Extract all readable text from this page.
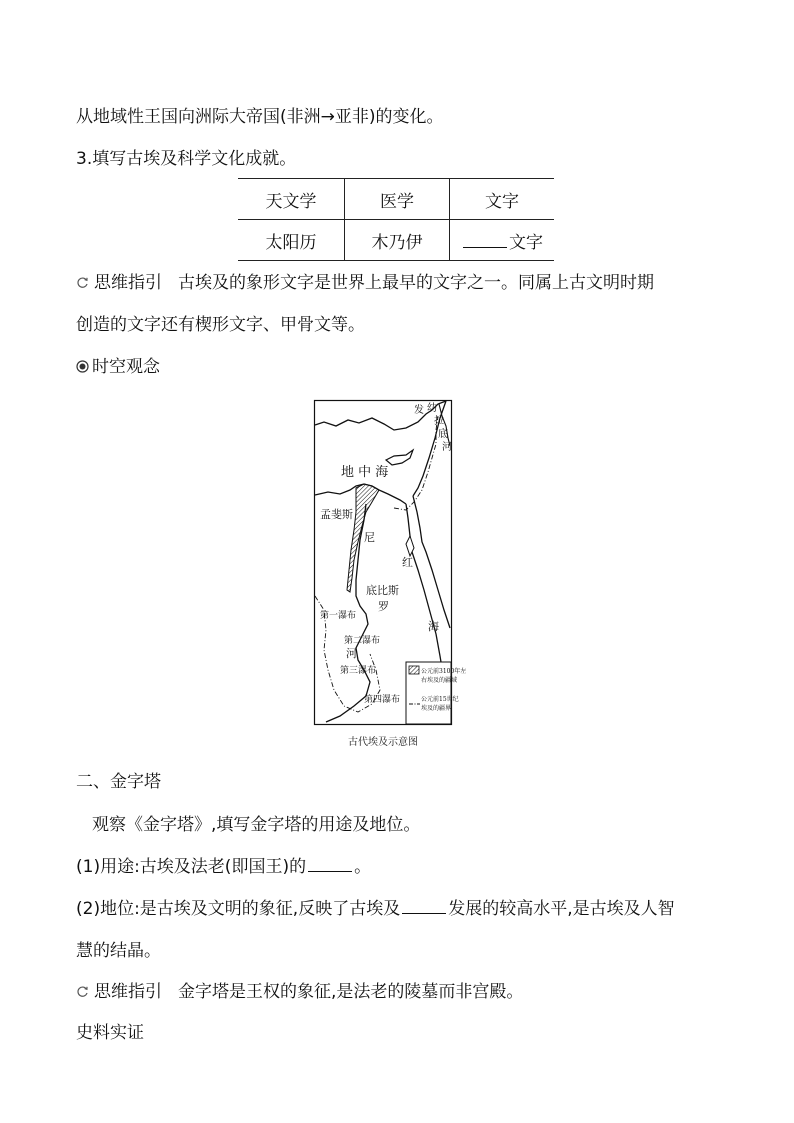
从地域性王国向洲际大帝国(非洲→亚非)的变化。
3.填写古埃及科学文化成就。
天文学	医学	文字
太阳历	木乃伊	文字
思维指引 古埃及的象形文字是世界上最早的文字之一。同属上古文明时期
创造的文字还有楔形文字、甲骨文等。
时空观念
发 幼
拉
底
河
地 中 海
孟斐斯
尼
红
底比斯
罗
海
第一瀑布
第二瀑布
河
第三瀑布
第四瀑布
公元前3100年左
右埃及的疆域
公元前15世纪
埃及的疆界
古代埃及示意图
二、金字塔
观察《金字塔》,填写金字塔的用途及地位。
(1)用途:古埃及法老(即国王)的	。
(2)地位:是古埃及文明的象征,反映了古埃及	发展的较高水平,是古埃及人智
慧的结晶。
思维指引 金字塔是王权的象征,是法老的陵墓而非宫殿。
史料实证
